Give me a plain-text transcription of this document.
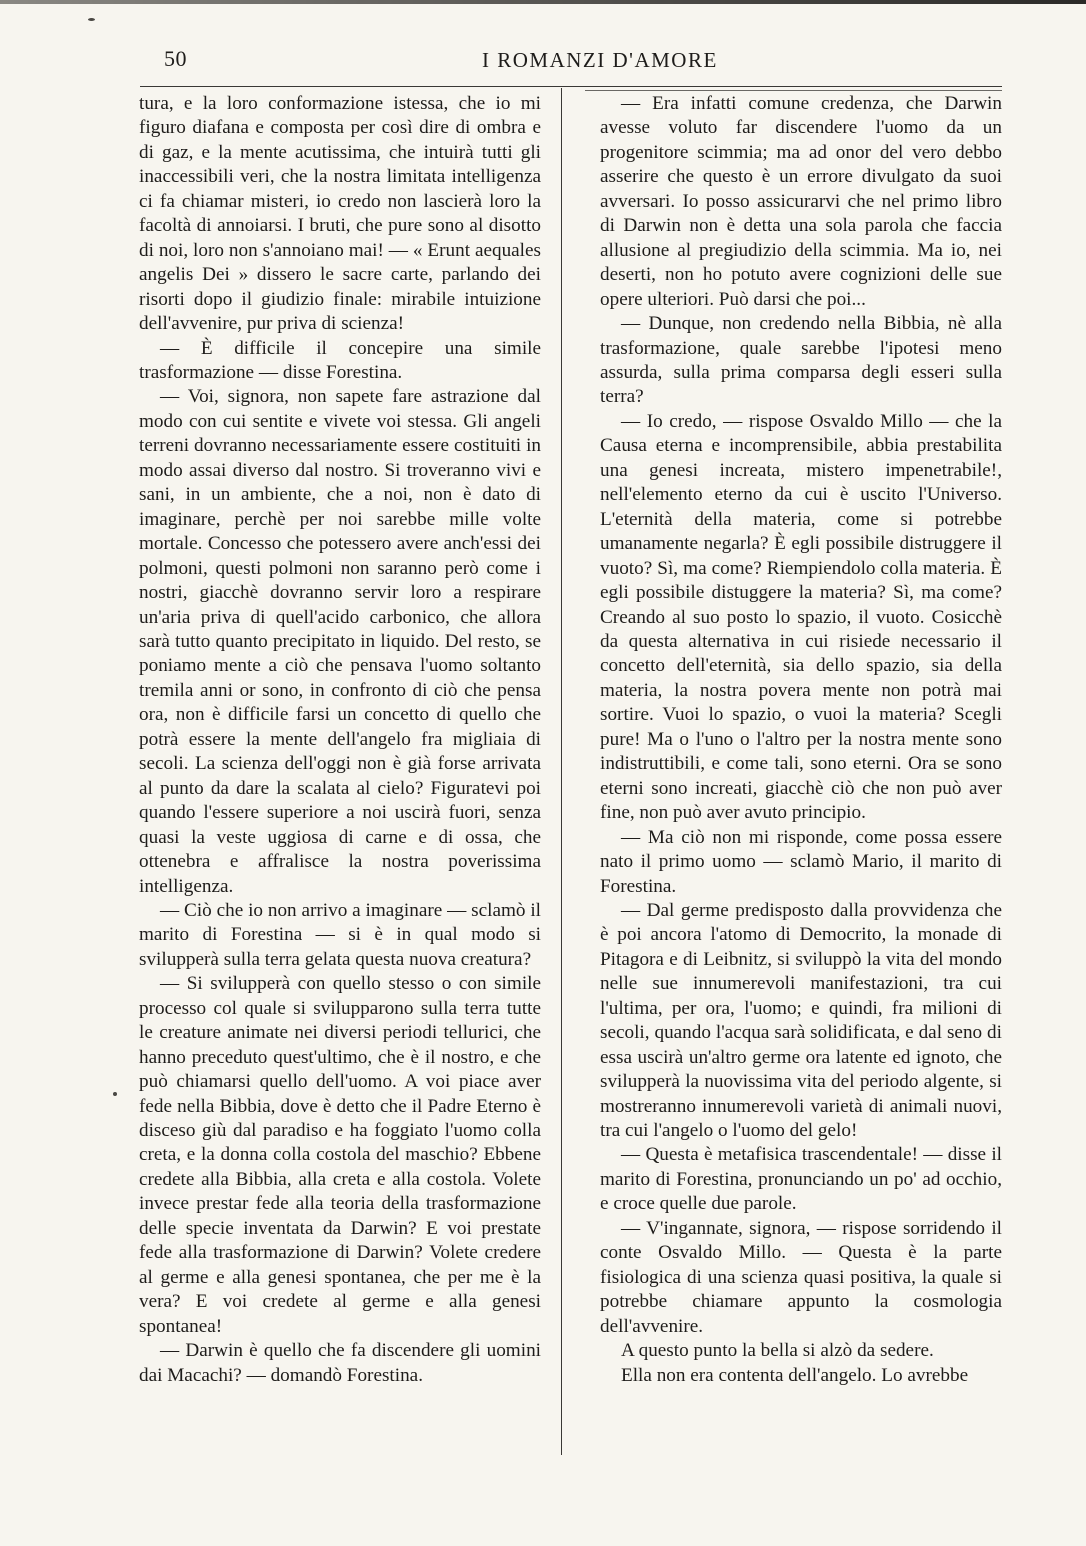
50	I ROMANZI D'AMORE

tura, e la loro conformazione istessa, che io mi figuro diafana e composta per così dire di ombra e di gaz, e la mente acutissima, che intuirà tutti gli inaccessibili veri, che la nostra limitata intelligenza ci fa chiamar misteri, io credo non lascierà loro la facoltà di annoiarsi. I bruti, che pure sono al disotto di noi, loro non s'annoiano mai! — « Erunt aequales angelis Dei » dissero le sacre carte, parlando dei risorti dopo il giudizio finale: mirabile intuizione dell'avvenire, pur priva di scienza!

— È difficile il concepire una simile trasformazione — disse Forestina.

— Voi, signora, non sapete fare astrazione dal modo con cui sentite e vivete voi stessa. Gli angeli terreni dovranno necessariamente essere costituiti in modo assai diverso dal nostro. Si troveranno vivi e sani, in un ambiente, che a noi, non è dato di imaginare, perchè per noi sarebbe mille volte mortale. Concesso che potessero avere anch'essi dei polmoni, questi polmoni non saranno però come i nostri, giacchè dovranno servir loro a respirare un'aria priva di quell'acido carbonico, che allora sarà tutto quanto precipitato in liquido. Del resto, se poniamo mente a ciò che pensava l'uomo soltanto tremila anni or sono, in confronto di ciò che pensa ora, non è difficile farsi un concetto di quello che potrà essere la mente dell'angelo fra migliaia di secoli. La scienza dell'oggi non è già forse arrivata al punto da dare la scalata al cielo? Figuratevi poi quando l'essere superiore a noi uscirà fuori, senza quasi la veste uggiosa di carne e di ossa, che ottenebra e affralisce la nostra poverissima intelligenza.

— Ciò che io non arrivo a imaginare — sclamò il marito di Forestina — si è in qual modo si svilupperà sulla terra gelata questa nuova creatura?

— Si svilupperà con quello stesso o con simile processo col quale si svilupparono sulla terra tutte le creature animate nei diversi periodi tellurici, che hanno preceduto quest'ultimo, che è il nostro, e che può chiamarsi quello dell'uomo. A voi piace aver fede nella Bibbia, dove è detto che il Padre Eterno è disceso giù dal paradiso e ha foggiato l'uomo colla creta, e la donna colla costola del maschio? Ebbene credete alla Bibbia, alla creta e alla costola. Volete invece prestar fede alla teoria della trasformazione delle specie inventata da Darwin? E voi prestate fede alla trasformazione di Darwin? Volete credere al germe e alla genesi spontanea, che per me è la vera? E voi credete al germe e alla genesi spontanea!

— Darwin è quello che fa discendere gli uomini dai Macachi? — domandò Forestina.

— Era infatti comune credenza, che Darwin avesse voluto far discendere l'uomo da un progenitore scimmia; ma ad onor del vero debbo asserire che questo è un errore divulgato da suoi avversari. Io posso assicurarvi che nel primo libro di Darwin non è detta una sola parola che faccia allusione al pregiudizio della scimmia. Ma io, nei deserti, non ho potuto avere cognizioni delle sue opere ulteriori. Può darsi che poi...

— Dunque, non credendo nella Bibbia, nè alla trasformazione, quale sarebbe l'ipotesi meno assurda, sulla prima comparsa degli esseri sulla terra?

— Io credo, — rispose Osvaldo Millo — che la Causa eterna e incomprensibile, abbia prestabilita una genesi increata, mistero impenetrabile!, nell'elemento eterno da cui è uscito l'Universo. L'eternità della materia, come si potrebbe umanamente negarla? È egli possibile distruggere il vuoto? Sì, ma come? Riempiendolo colla materia. È egli possibile distuggere la materia? Sì, ma come? Creando al suo posto lo spazio, il vuoto. Cosicchè da questa alternativa in cui risiede necessario il concetto dell'eternità, sia dello spazio, sia della materia, la nostra povera mente non potrà mai sortire. Vuoi lo spazio, o vuoi la materia? Scegli pure! Ma o l'uno o l'altro per la nostra mente sono indistruttibili, e come tali, sono eterni. Ora se sono eterni sono increati, giacchè ciò che non può aver fine, non può aver avuto principio.

— Ma ciò non mi risponde, come possa essere nato il primo uomo — sclamò Mario, il marito di Forestina.

— Dal germe predisposto dalla provvidenza che è poi ancora l'atomo di Democrito, la monade di Pitagora e di Leibnitz, si sviluppò la vita del mondo nelle sue innumerevoli manifestazioni, tra cui l'ultima, per ora, l'uomo; e quindi, fra milioni di secoli, quando l'acqua sarà solidificata, e dal seno di essa uscirà un'altro germe ora latente ed ignoto, che svilupperà la nuovissima vita del periodo algente, si mostreranno innumerevoli varietà di animali nuovi, tra cui l'angelo o l'uomo del gelo!

— Questa è metafisica trascendentale! — disse il marito di Forestina, pronunciando un po' ad occhio, e croce quelle due parole.

— V'ingannate, signora, — rispose sorridendo il conte Osvaldo Millo. — Questa è la parte fisiologica di una scienza quasi positiva, la quale si potrebbe chiamare appunto la cosmologia dell'avvenire.

A questo punto la bella si alzò da sedere.

Ella non era contenta dell'angelo. Lo avrebbe
